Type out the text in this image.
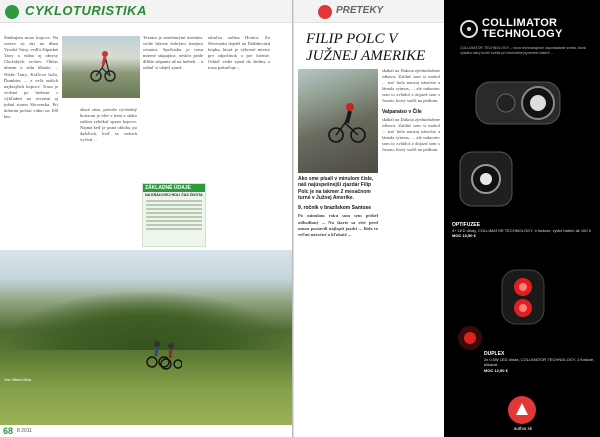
CYKLOTURISTIKA
Štúdiujem more kopcov. Na severe sú aki na dlani Vysoké Tatry, vedľa Západné Tatry a vidno aj obrysy Chočských vrchov. Občas uhnem a zídu hlboko ... Nízke Tatry, Kráľova hoľa, Ďumbier, ... a veľa našich najkrajších kopcov. Trasa je vedená po hrebeni s výhľadmi na severnú aj južnú stranu Slovenska. Pri dobrom počasí vidno na 100 km.
skoré ráno, pretože východný horizont je ešte v tieni a slnko začína vykúkať spoza kopcov. Najmä keď je jasná obloha, po dažďoch, keď sa vzduch vyčistí ...
Textúra je zmiešanými územím, vedie hlavne dobrými lesnými cestami. Spočiatku je trasa mierne stúpajúca, neskôr príde dlhšie stúpanie až na hrebeň ... a odtiaľ si užiješ zjazd.
tabuľou začína Horáca. Zo Slovenska dojdeš na Drábňovskú kópku, ktorá je výborné miesto pre odpočinok a pre fotenie. Odtiaľ vedie zjazd do dediny a trasa pokračuje ...
ZÁKLADNÉ ÚDAJE
NA KRÁĽOVEJ HOLI ČAS ŽIVOTA
Text: Milena Wells
68 8 2011
PRETEKY
FILIP POLC V JUŽNEJ AMERIKE
Ako sme písali v minulom čísle, náš najúspešnejší zjazdár Filip Polc je na takmer 2 mesačnom turné v Južnej Amerike.
9. ročník v brazílskom Santose
Po minulom roku som sem prišiel odhodlaný ... Na štarte sa ešte pred mnou postavili najlepší jazdci ... Bolo to veľmi náročné a kľukaté ...
skákal na Dakota zjednodušene zábavu. Zaíduš som si mohol ... trať bola naozaj náročná a lámala rytmus, ... ale nakoniec som to zvládol a dojazd som s časom, ktorý stačil na pódium.
Valparaíso v Čile
skákal na Dakota zjednodušene zábavu. Zaíduš som si mohol ... trať bola naozaj náročná a lámala rytmus, ... ale nakoniec som to zvládol a dojazd som s časom, ktorý stačil na pódium.
COLLIMATOR
TECHNOLOGY
COLLIMATOR TECHNOLOGY – nová technologické usporiadanie svetla, ktorá vytvára ostrý kužeľ svetla pri minimálnej spotrebe batérií ...
OPTIFUZEE
4+ LED diódy, COLLIMATOR TECHNOLOGY, 4 funkcie, výdrž batérií až 100 h
MOC 10,90 €
DUPLEX
2x 0,5W LED dióda, COLLIMATOR TECHNOLOGY, 2 funkcie, blikanie
MOC 12,90 €
author.sk
